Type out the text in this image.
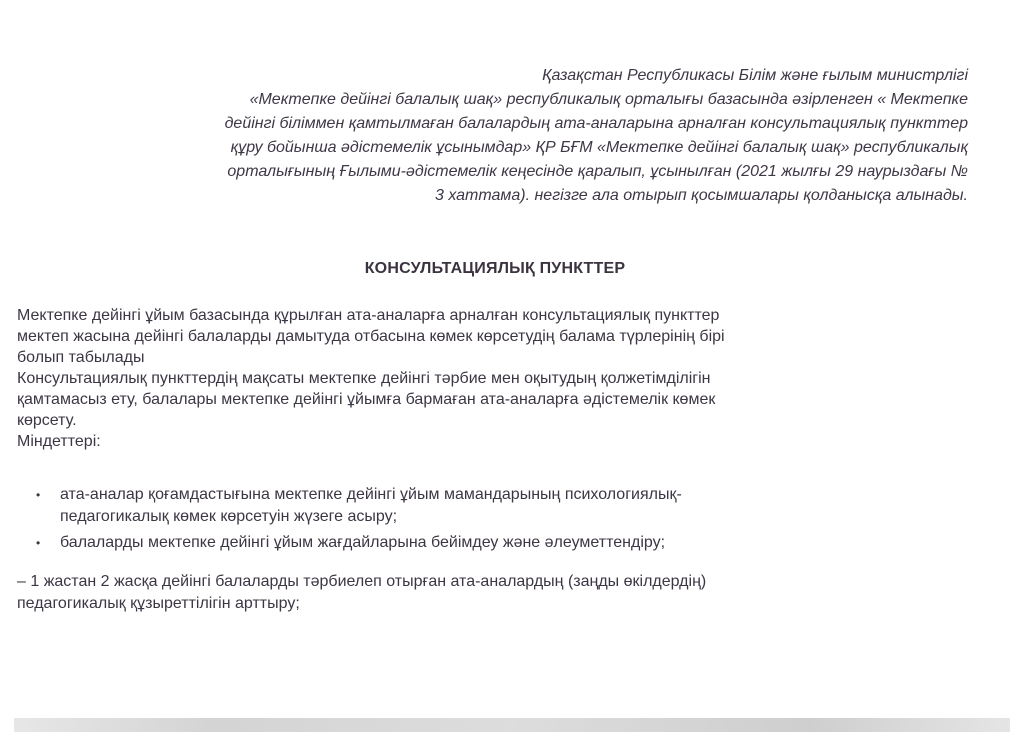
Қазақстан Республикасы Білім және ғылым министрлігі
«Мектепке дейінгі балалық шақ» республикалық орталығы базасында әзірленген « Мектепке
дейінгі біліммен қамтылмаған балалардың ата-аналарына арналған консультациялық пункттер
құру бойынша әдістемелік ұсынымдар» ҚР БҒМ «Мектепке дейінгі балалық шақ» республикалық
орталығының Ғылыми-әдістемелік кеңесінде қаралып, ұсынылған (2021 жылғы 29 наурыздағы №
3 хаттама). негізге ала отырып қосымшалары қолданысқа алынады.
КОНСУЛЬТАЦИЯЛЫҚ ПУНКТТЕР
Мектепке дейінгі ұйым базасында құрылған ата-аналарға арналған консультациялық пункттер
мектеп жасына дейінгі балаларды дамытуда отбасына көмек көрсетудің балама түрлерінің бірі
болып табылады
Консультациялық пункттердің мақсаты мектепке дейінгі тәрбие мен оқытудың қолжетімділігін
қамтамасыз ету, балалары мектепке дейінгі ұйымға бармаған ата-аналарға әдістемелік көмек
көрсету.
Міндеттері:
• ата-аналар қоғамдастығына мектепке дейінгі ұйым мамандарының психологиялық-
педагогикалық көмек көрсетуін жүзеге асыру;
• балаларды мектепке дейінгі ұйым жағдайларына бейімдеу және әлеуметтендіру;
– 1 жастан 2 жасқа дейінгі балаларды тәрбиелеп отырған ата-аналардың (заңды өкілдердің)
педагогикалық құзыреттілігін арттыру;
